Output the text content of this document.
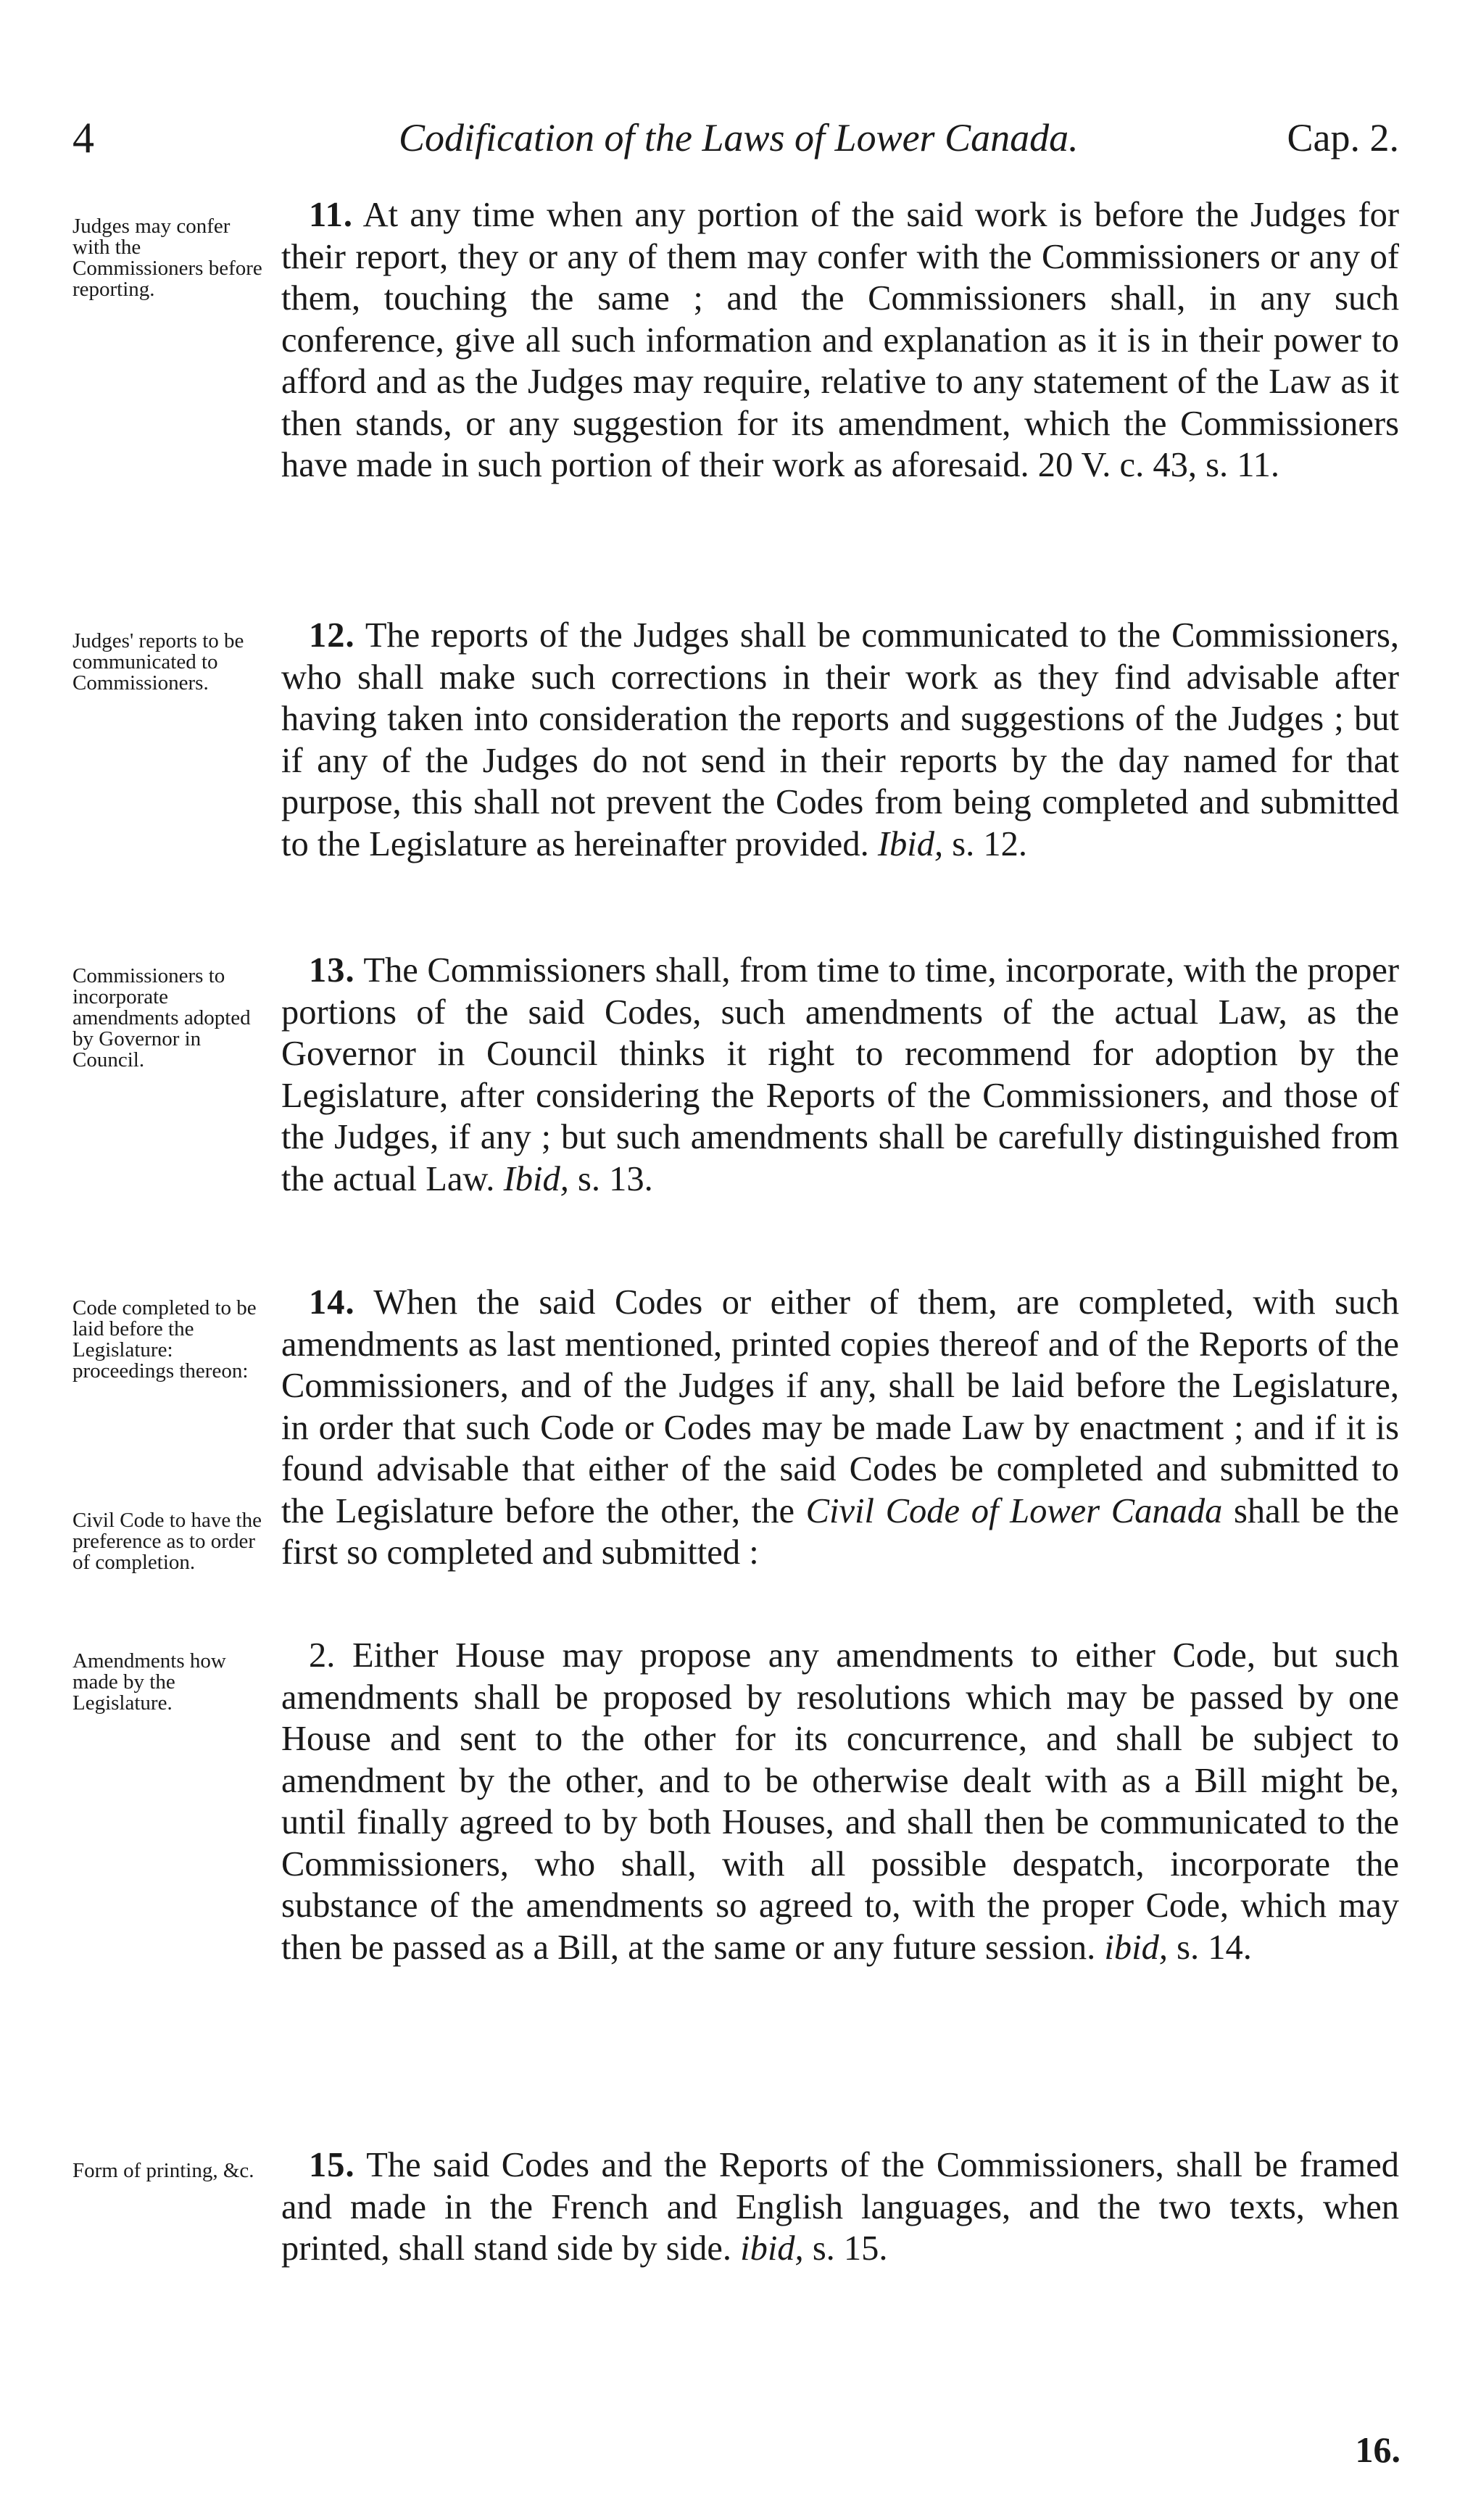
4	Codification of the Laws of Lower Canada.	Cap. 2.
Judges may confer with the Commissioners before reporting.
11. At any time when any portion of the said work is before the Judges for their report, they or any of them may confer with the Commissioners or any of them, touching the same ; and the Commissioners shall, in any such conference, give all such information and explanation as it is in their power to afford and as the Judges may require, relative to any statement of the Law as it then stands, or any suggestion for its amendment, which the Commissioners have made in such portion of their work as aforesaid. 20 V. c. 43, s. 11.
Judges' reports to be communicated to Commissioners.
12. The reports of the Judges shall be communicated to the Commissioners, who shall make such corrections in their work as they find advisable after having taken into consideration the reports and suggestions of the Judges ; but if any of the Judges do not send in their reports by the day named for that purpose, this shall not prevent the Codes from being completed and submitted to the Legislature as hereinafter provided. Ibid, s. 12.
Commissioners to incorporate amendments adopted by Governor in Council.
13. The Commissioners shall, from time to time, incorporate, with the proper portions of the said Codes, such amendments of the actual Law, as the Governor in Council thinks it right to recommend for adoption by the Legislature, after considering the Reports of the Commissioners, and those of the Judges, if any ; but such amendments shall be carefully distinguished from the actual Law. Ibid, s. 13.
Code completed to be laid before the Legislature: proceedings thereon:
Civil Code to have the preference as to order of completion.
14. When the said Codes or either of them, are completed, with such amendments as last mentioned, printed copies thereof and of the Reports of the Commissioners, and of the Judges if any, shall be laid before the Legislature, in order that such Code or Codes may be made Law by enactment ; and if it is found advisable that either of the said Codes be completed and submitted to the Legislature before the other, the Civil Code of Lower Canada shall be the first so completed and submitted :
Amendments how made by the Legislature.
2. Either House may propose any amendments to either Code, but such amendments shall be proposed by resolutions which may be passed by one House and sent to the other for its concurrence, and shall be subject to amendment by the other, and to be otherwise dealt with as a Bill might be, until finally agreed to by both Houses, and shall then be communicated to the Commissioners, who shall, with all possible despatch, incorporate the substance of the amendments so agreed to, with the proper Code, which may then be passed as a Bill, at the same or any future session. ibid, s. 14.
Form of printing, &c.	15. The said Codes and the Reports of the Commissioners, shall be framed and made in the French and English languages, and the two texts, when printed, shall stand side by side. ibid, s. 15.
16.
